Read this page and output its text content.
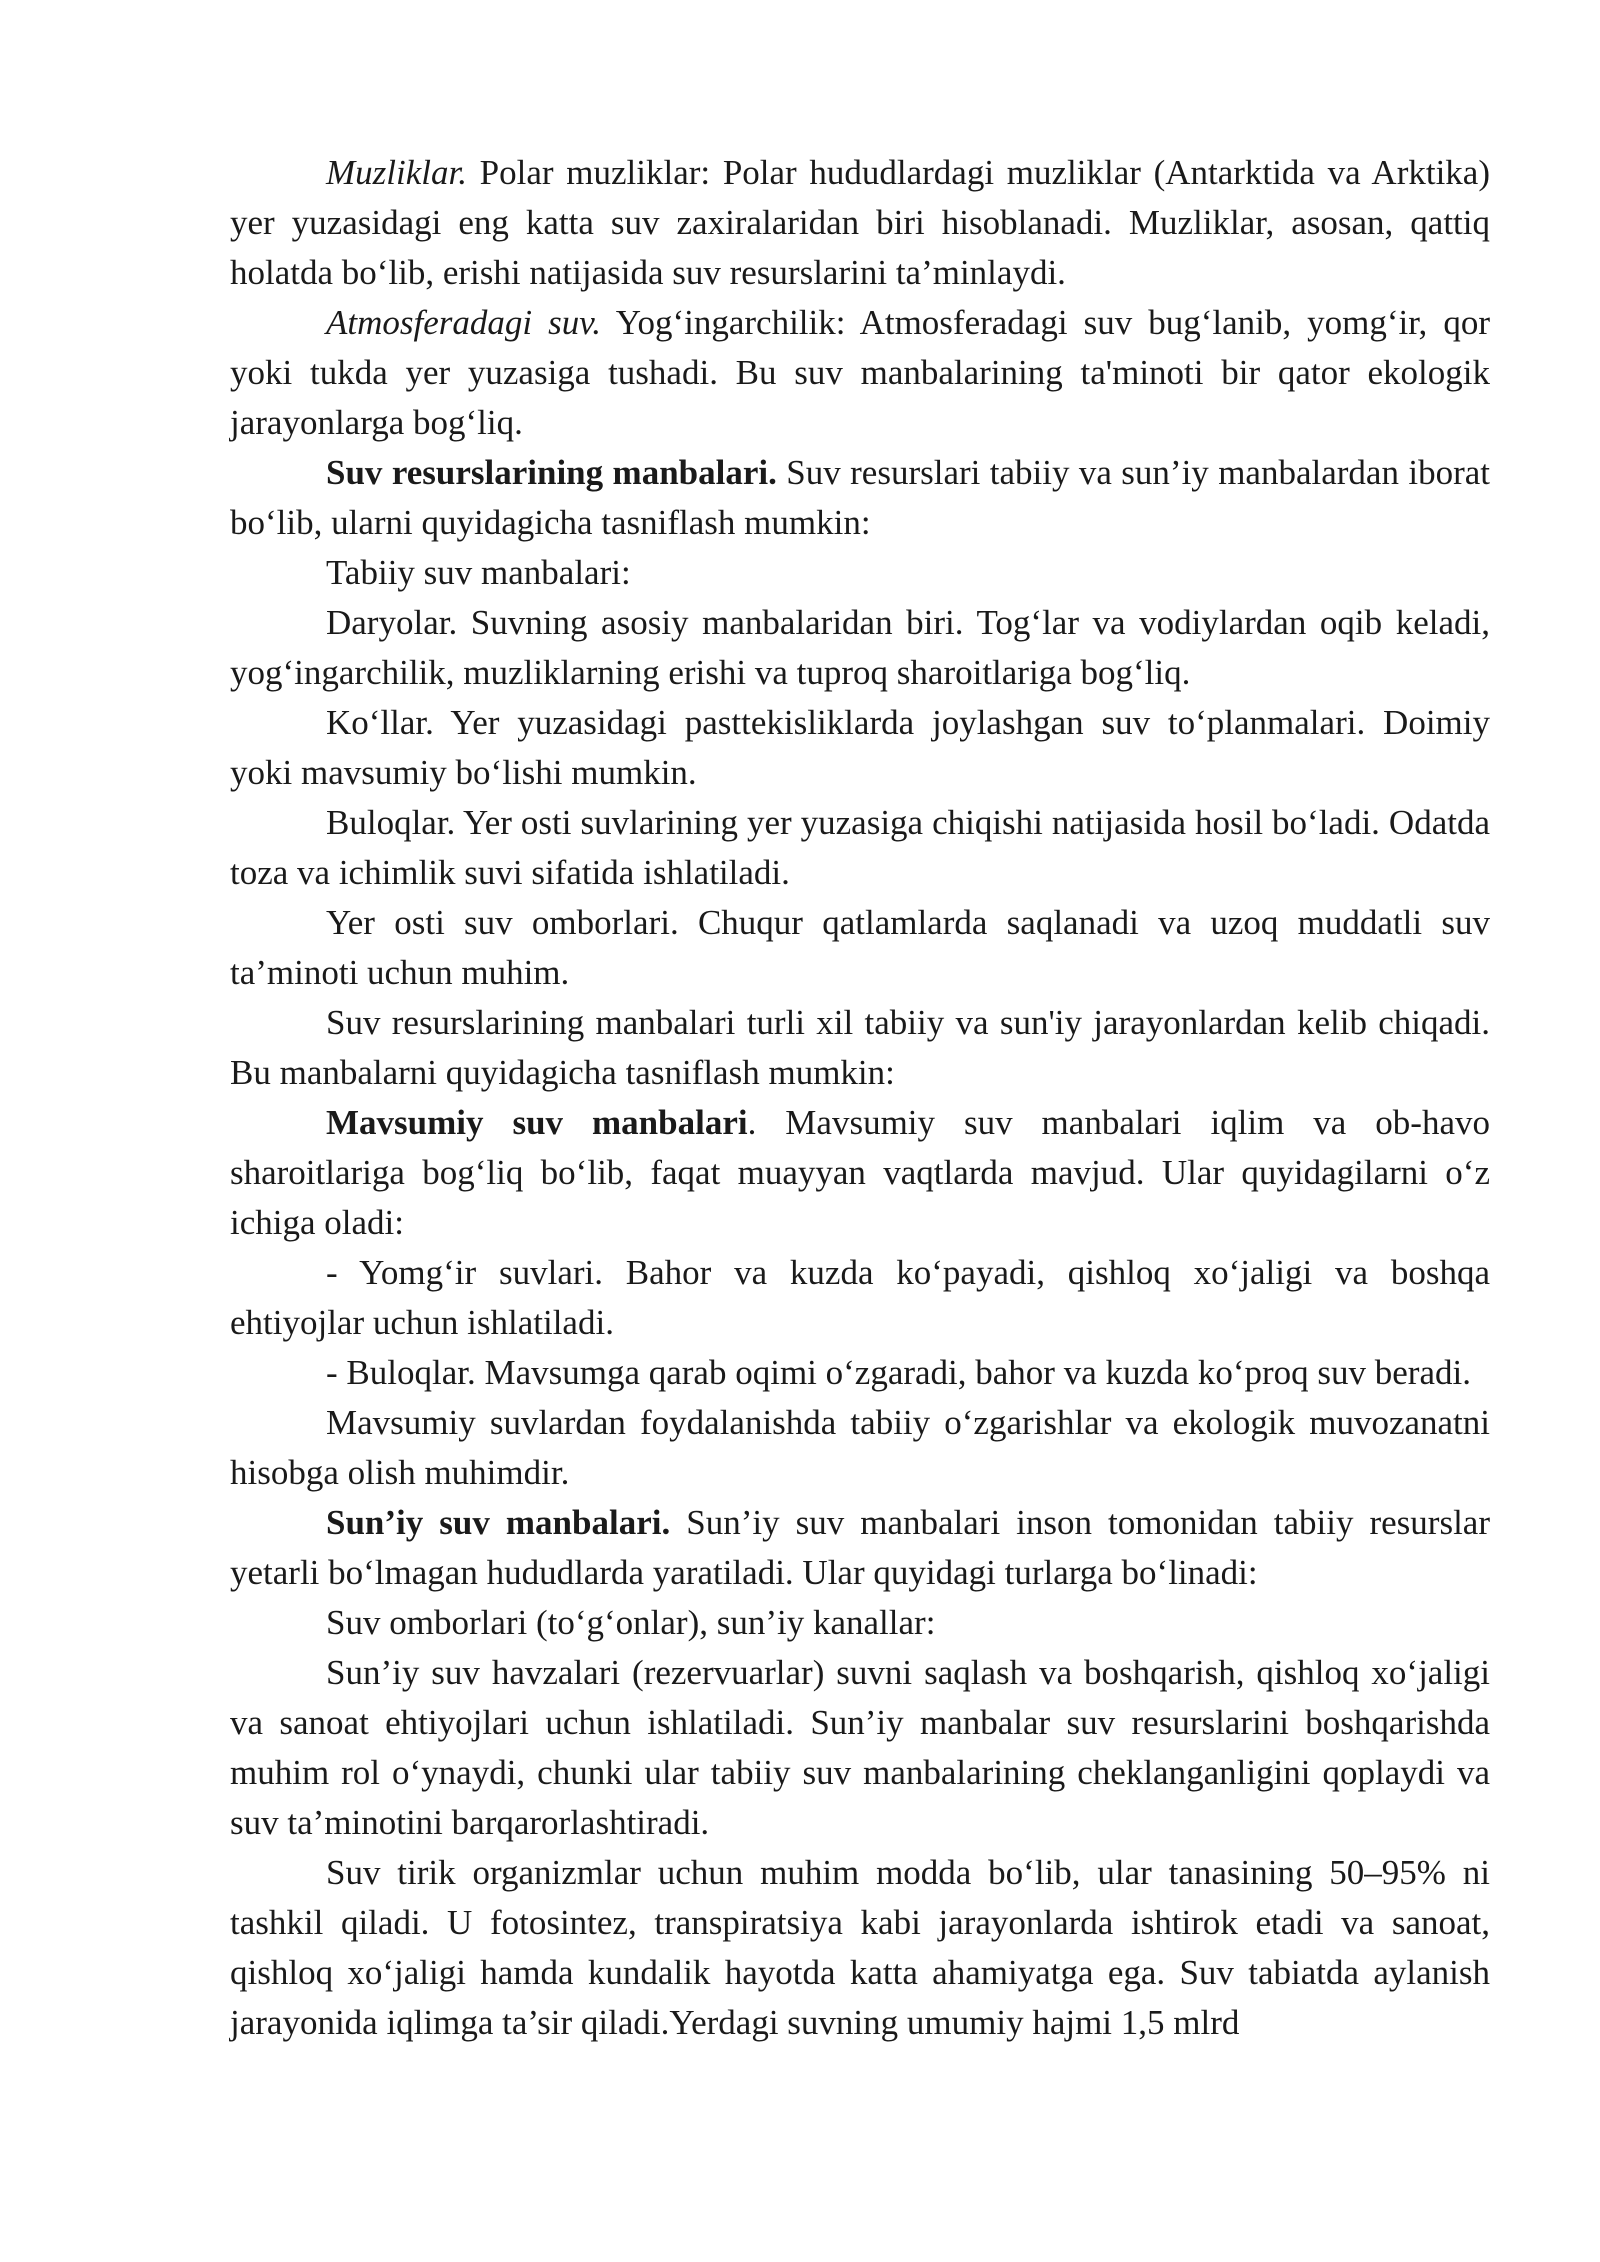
Muzliklar. Polar muzliklar: Polar hududlardagi muzliklar (Antarktida va Arktika) yer yuzasidagi eng katta suv zaxiralaridan biri hisoblanadi. Muzliklar, asosan, qattiq holatda bo‘lib, erishi natijasida suv resurslarini ta’minlaydi.

Atmosferadagi suv. Yog‘ingarchilik: Atmosferadagi suv bug‘lanib, yomg‘ir, qor yoki tukda yer yuzasiga tushadi. Bu suv manbalarining ta'minoti bir qator ekologik jarayonlarga bog‘liq.

Suv resurslarining manbalari. Suv resurslari tabiiy va sun’iy manbalardan iborat bo‘lib, ularni quyidagicha tasniflash mumkin:

Tabiiy suv manbalari:

Daryolar. Suvning asosiy manbalaridan biri. Tog‘lar va vodiylardan oqib keladi, yog‘ingarchilik, muzliklarning erishi va tuproq sharoitlariga bog‘liq.

Ko‘llar. Yer yuzasidagi pasttekisliklarda joylashgan suv to‘planmalari. Doimiy yoki mavsumiy bo‘lishi mumkin.

Buloqlar. Yer osti suvlarining yer yuzasiga chiqishi natijasida hosil bo‘ladi. Odatda toza va ichimlik suvi sifatida ishlatiladi.

Yer osti suv omborlari. Chuqur qatlamlarda saqlanadi va uzoq muddatli suv ta’minoti uchun muhim.

Suv resurslarining manbalari turli xil tabiiy va sun'iy jarayonlardan kelib chiqadi. Bu manbalarni quyidagicha tasniflash mumkin:

Mavsumiy suv manbalari. Mavsumiy suv manbalari iqlim va ob-havo sharoitlariga bog‘liq bo‘lib, faqat muayyan vaqtlarda mavjud. Ular quyidagilarni o‘z ichiga oladi:

- Yomg‘ir suvlari. Bahor va kuzda ko‘payadi, qishloq xo‘jaligi va boshqa ehtiyojlar uchun ishlatiladi.

- Buloqlar. Mavsumga qarab oqimi o‘zgaradi, bahor va kuzda ko‘proq suv beradi.

Mavsumiy suvlardan foydalanishda tabiiy o‘zgarishlar va ekologik muvozanatni hisobga olish muhimdir.

Sun’iy suv manbalari. Sun’iy suv manbalari inson tomonidan tabiiy resurslar yetarli bo‘lmagan hududlarda yaratiladi. Ular quyidagi turlarga bo‘linadi:

Suv omborlari (to‘g‘onlar), sun’iy kanallar:

Sun’iy suv havzalari (rezervuarlar) suvni saqlash va boshqarish, qishloq xo‘jaligi va sanoat ehtiyojlari uchun ishlatiladi. Sun’iy manbalar suv resurslarini boshqarishda muhim rol o‘ynaydi, chunki ular tabiiy suv manbalarining cheklanganligini qoplaydi va suv ta’minotini barqarorlashtiradi.

Suv tirik organizmlar uchun muhim modda bo‘lib, ular tanasining 50–95% ni tashkil qiladi. U fotosintez, transpiratsiya kabi jarayonlarda ishtirok etadi va sanoat, qishloq xo‘jaligi hamda kundalik hayotda katta ahamiyatga ega. Suv tabiatda aylanish jarayonida iqlimga ta’sir qiladi.Yerdagi suvning umumiy hajmi 1,5 mlrd
